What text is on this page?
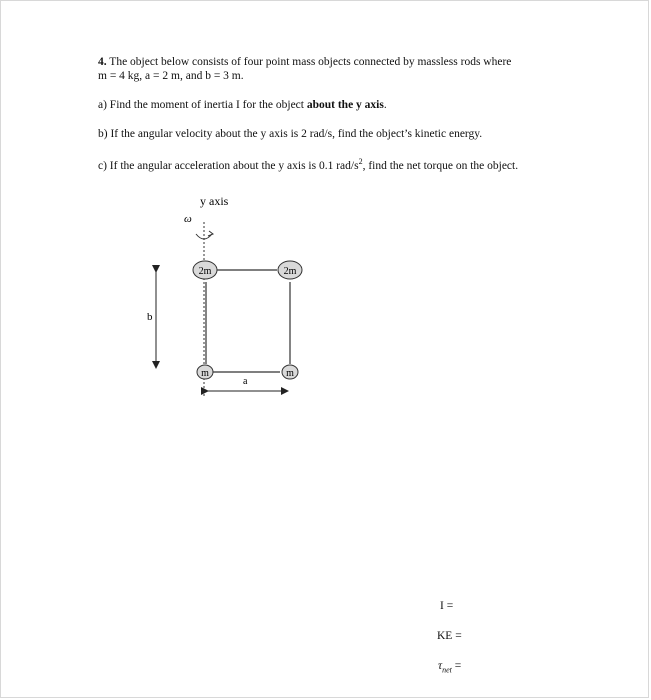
4. The object below consists of four point mass objects connected by massless rods where
m = 4 kg, a = 2 m, and b = 3 m.
a) Find the moment of inertia I for the object about the y axis.
b) If the angular velocity about the y axis is 2 rad/s, find the object’s kinetic energy.
c) If the angular acceleration about the y axis is 0.1 rad/$s^2$, find the net torque on the object.
2m	2m
m	m
y axis
ω
b
a
I =
KE =
$\tau_{net}$ =
